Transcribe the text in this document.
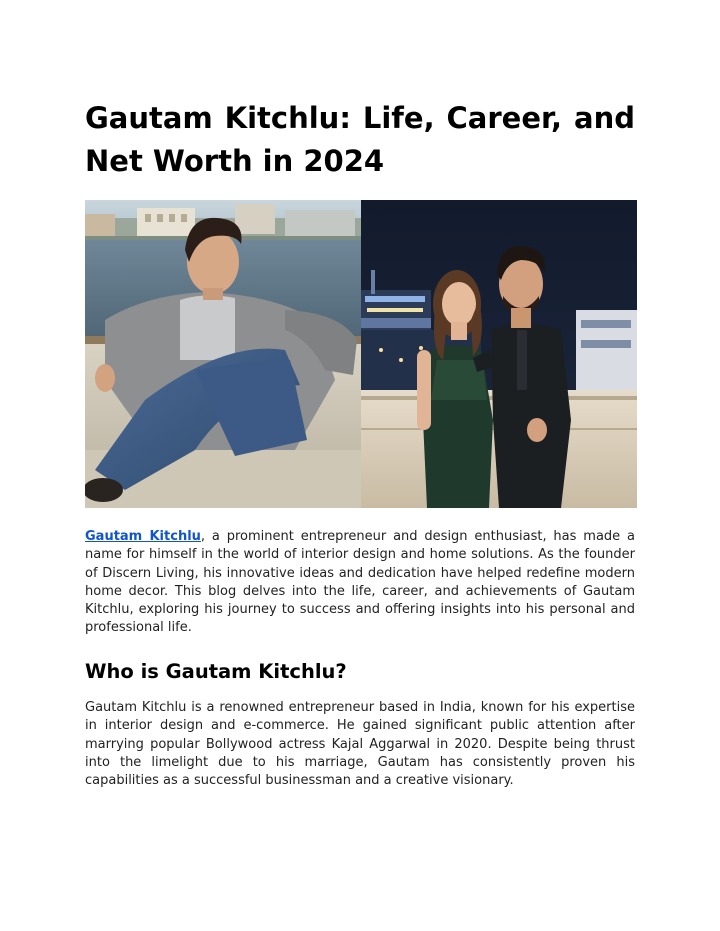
Gautam Kitchlu: Life, Career, and Net Worth in 2024

Gautam Kitchlu, a prominent entrepreneur and design enthusiast, has made a name for himself in the world of interior design and home solutions. As the founder of Discern Living, his innovative ideas and dedication have helped redefine modern home decor. This blog delves into the life, career, and achievements of Gautam Kitchlu, exploring his journey to success and offering insights into his personal and professional life.

Who is Gautam Kitchlu?

Gautam Kitchlu is a renowned entrepreneur based in India, known for his expertise in interior design and e-commerce. He gained significant public attention after marrying popular Bollywood actress Kajal Aggarwal in 2020. Despite being thrust into the limelight due to his marriage, Gautam has consistently proven his capabilities as a successful businessman and a creative visionary.
